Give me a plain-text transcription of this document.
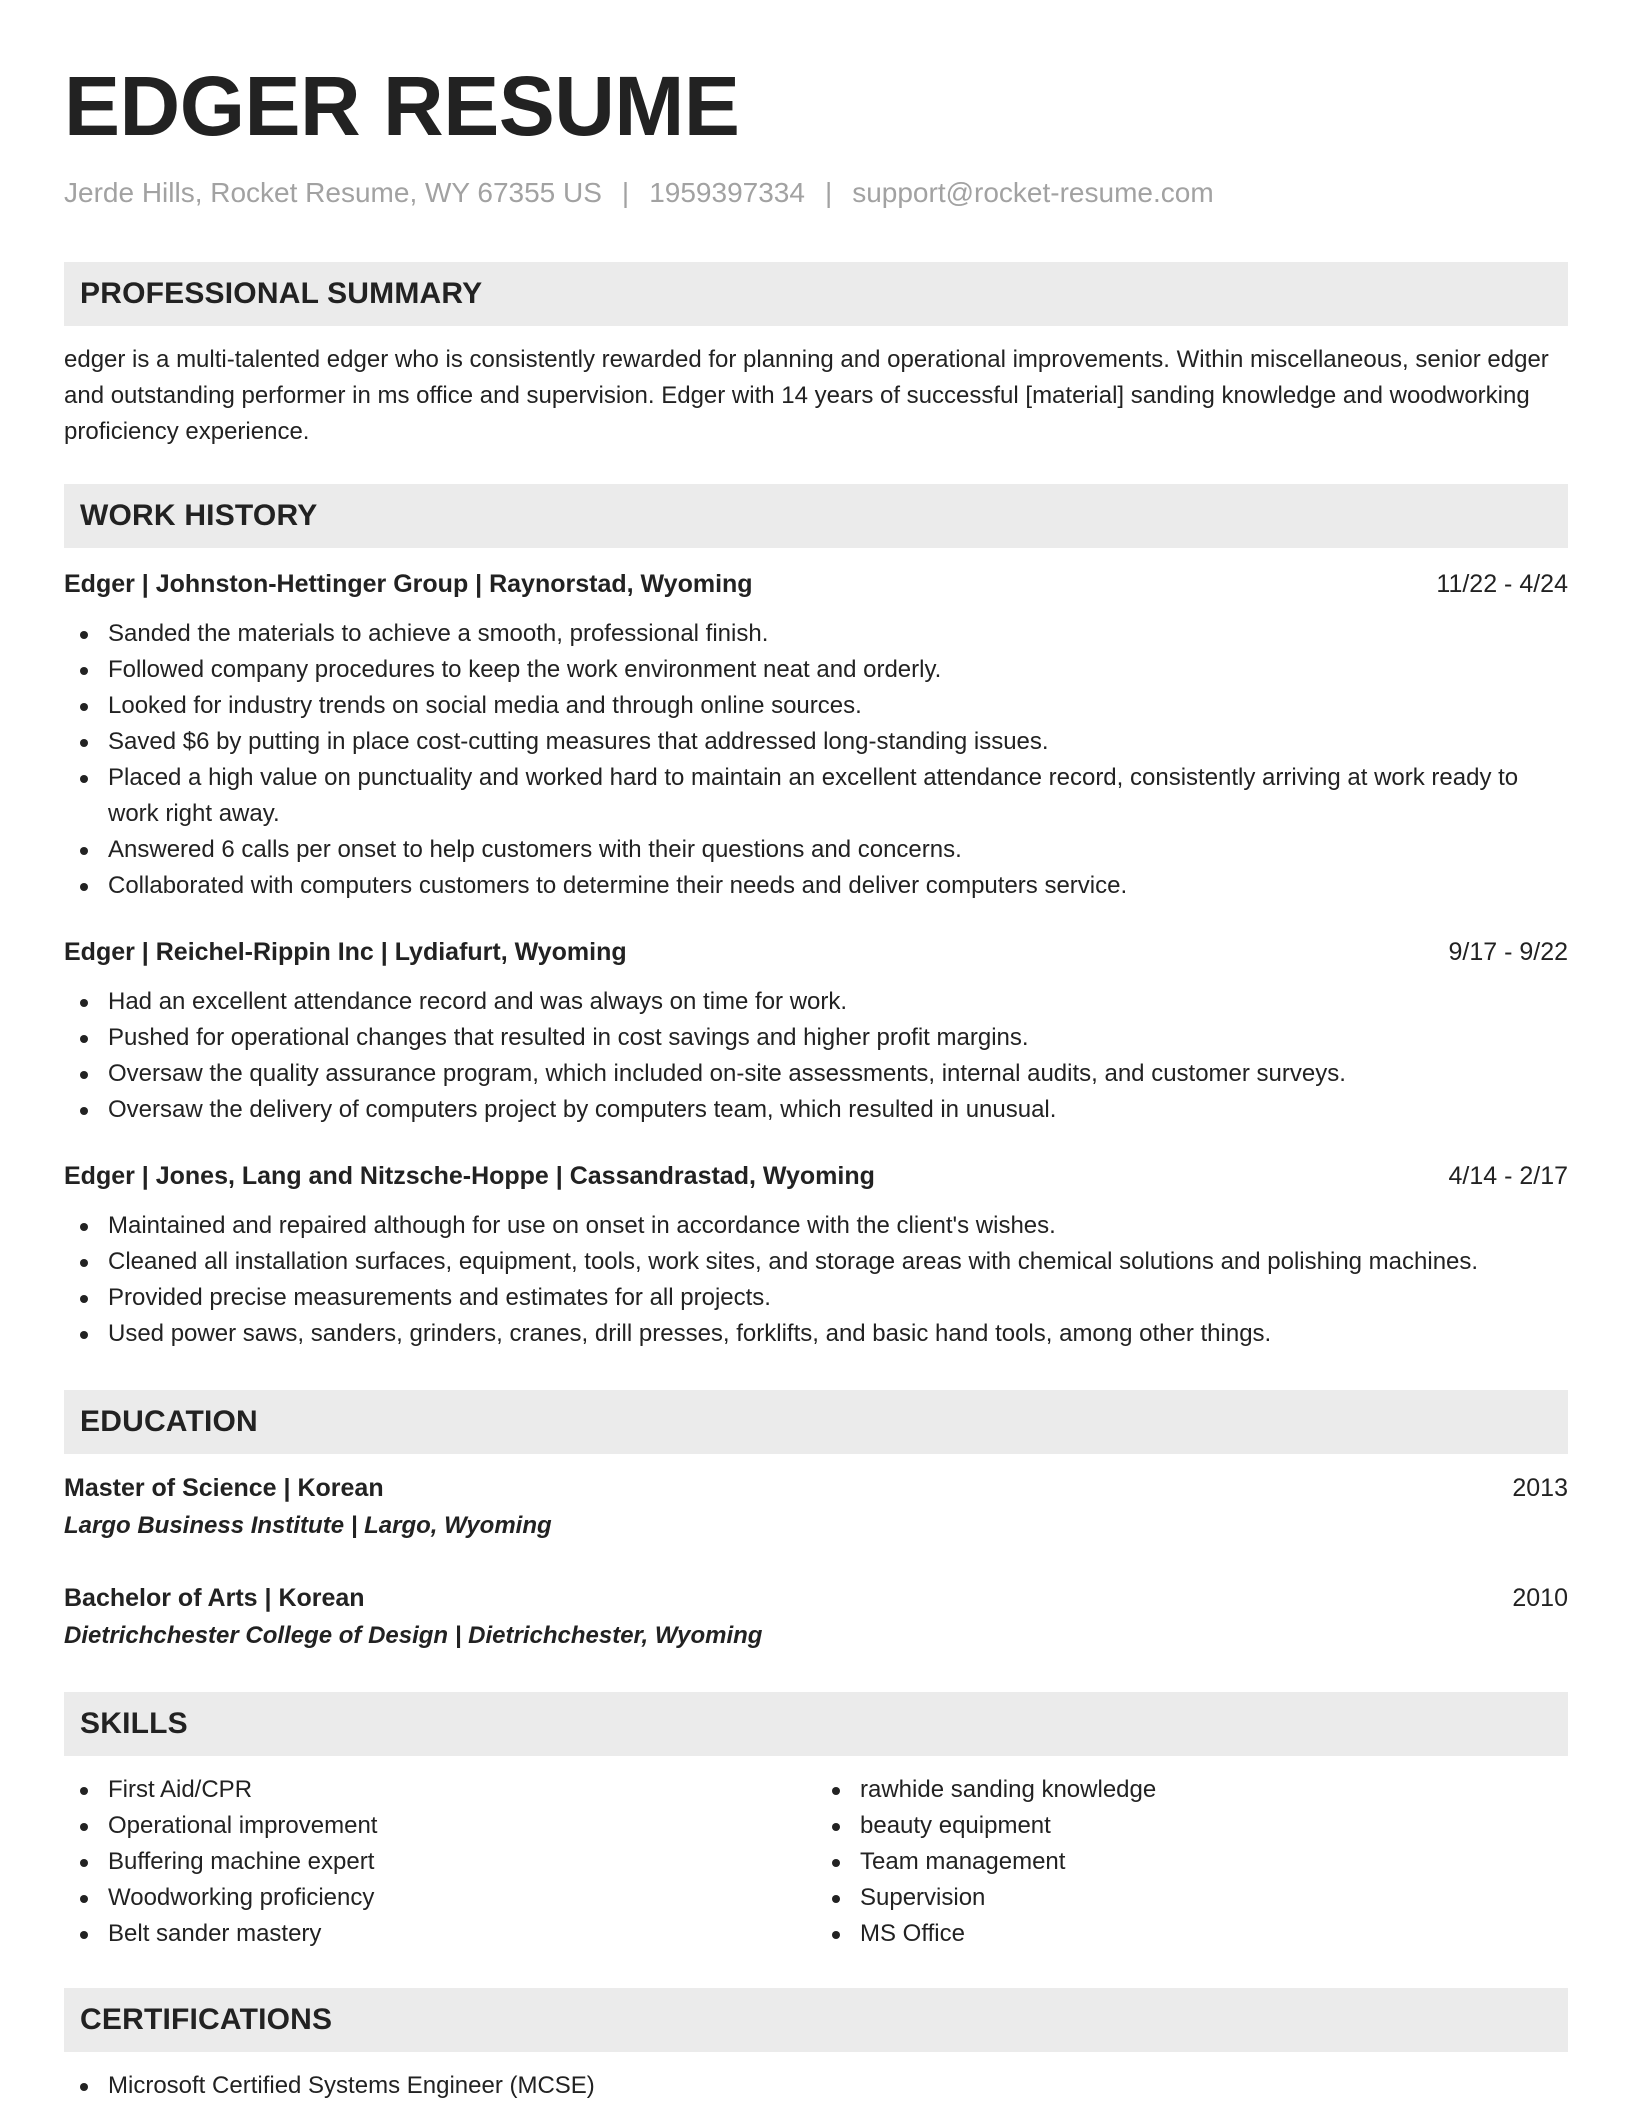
EDGER RESUME
Jerde Hills, Rocket Resume, WY 67355 US | 1959397334 | support@rocket-resume.com
PROFESSIONAL SUMMARY

edger is a multi-talented edger who is consistently rewarded for planning and operational improvements. Within miscellaneous, senior edger and outstanding performer in ms office and supervision. Edger with 14 years of successful [material] sanding knowledge and woodworking proficiency experience.

WORK HISTORY
Edger | Johnston-Hettinger Group | Raynorstad, Wyoming	11/22 - 4/24
Sanded the materials to achieve a smooth, professional finish.
Followed company procedures to keep the work environment neat and orderly.
Looked for industry trends on social media and through online sources.
Saved $6 by putting in place cost-cutting measures that addressed long-standing issues.
Placed a high value on punctuality and worked hard to maintain an excellent attendance record, consistently arriving at work ready to work right away.
Answered 6 calls per onset to help customers with their questions and concerns.
Collaborated with computers customers to determine their needs and deliver computers service.
Edger | Reichel-Rippin Inc | Lydiafurt, Wyoming	9/17 - 9/22
Had an excellent attendance record and was always on time for work.
Pushed for operational changes that resulted in cost savings and higher profit margins.
Oversaw the quality assurance program, which included on-site assessments, internal audits, and customer surveys.
Oversaw the delivery of computers project by computers team, which resulted in unusual.
Edger | Jones, Lang and Nitzsche-Hoppe | Cassandrastad, Wyoming	4/14 - 2/17
Maintained and repaired although for use on onset in accordance with the client's wishes.
Cleaned all installation surfaces, equipment, tools, work sites, and storage areas with chemical solutions and polishing machines.
Provided precise measurements and estimates for all projects.
Used power saws, sanders, grinders, cranes, drill presses, forklifts, and basic hand tools, among other things.
EDUCATION
Master of Science | Korean	2013
Largo Business Institute | Largo, Wyoming
Bachelor of Arts | Korean	2010
Dietrichchester College of Design | Dietrichchester, Wyoming
SKILLS
First Aid/CPR
Operational improvement
Buffering machine expert
Woodworking proficiency
Belt sander mastery
rawhide sanding knowledge
beauty equipment
Team management
Supervision
MS Office
CERTIFICATIONS
Microsoft Certified Systems Engineer (MCSE)
